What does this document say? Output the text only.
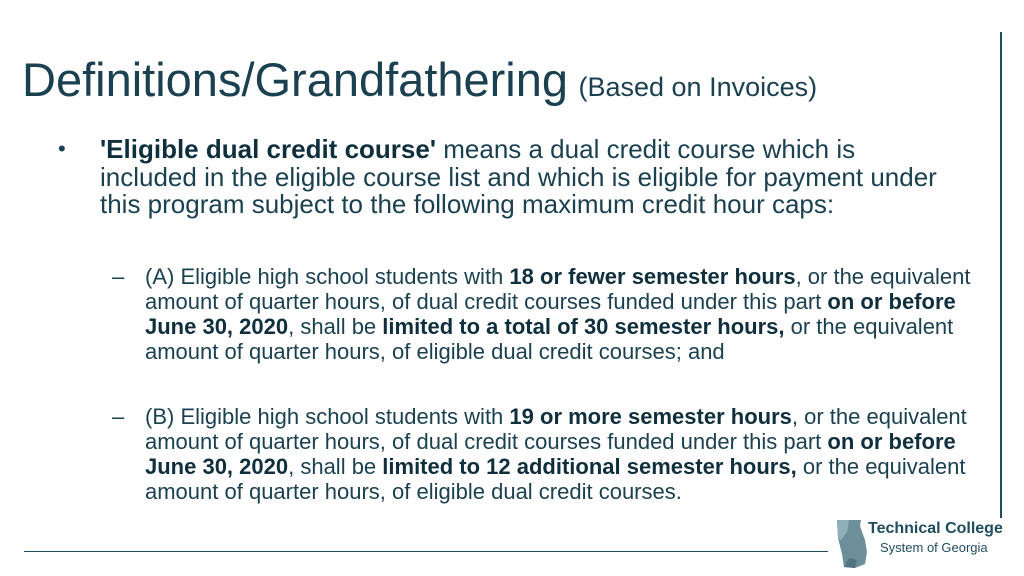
Definitions/Grandfathering (Based on Invoices)
• 'Eligible dual credit course' means a dual credit course which is included in the eligible course list and which is eligible for payment under this program subject to the following maximum credit hour caps:
– (A) Eligible high school students with 18 or fewer semester hours, or the equivalent amount of quarter hours, of dual credit courses funded under this part on or before June 30, 2020, shall be limited to a total of 30 semester hours, or the equivalent amount of quarter hours, of eligible dual credit courses; and
– (B) Eligible high school students with 19 or more semester hours, or the equivalent amount of quarter hours, of dual credit courses funded under this part on or before June 30, 2020, shall be limited to 12 additional semester hours, or the equivalent amount of quarter hours, of eligible dual credit courses.
Technical College
System of Georgia
